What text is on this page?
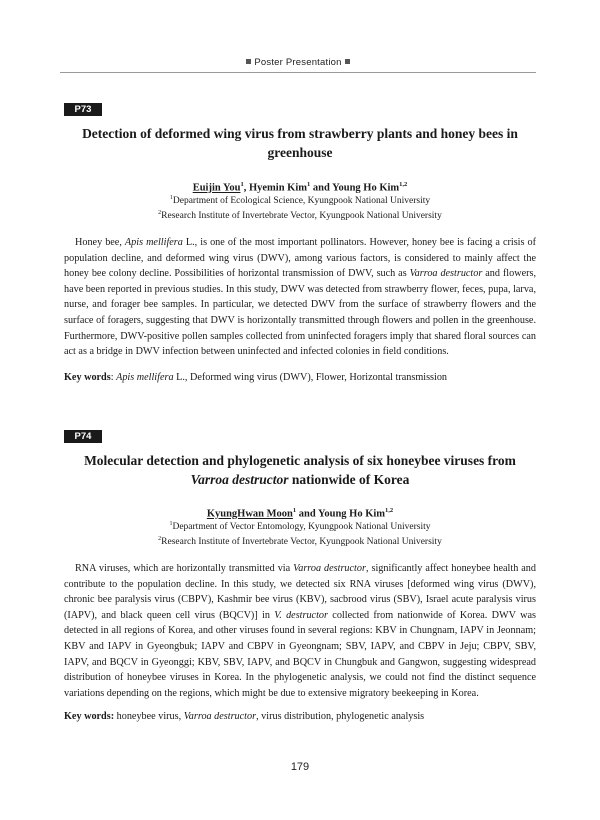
Poster Presentation
P73
Detection of deformed wing virus from strawberry plants and honey bees in
greenhouse
Euijin You$^1$, Hyemin Kim$^1$ and Young Ho Kim$^{1,2}$
$^1$Department of Ecological Science, Kyungpook National University
$^2$Research Institute of Invertebrate Vector, Kyungpook National University

Honey bee, Apis mellifera L., is one of the most important pollinators. However, honey bee is facing a crisis of population decline, and deformed wing virus (DWV), among various factors, is considered to mainly affect the honey bee colony decline. Possibilities of horizontal transmission of DWV, such as Varroa destructor and flowers, have been reported in previous studies. In this study, DWV was detected from strawberry flower, feces, pupa, larva, nurse, and forager bee samples. In particular, we detected DWV from the surface of strawberry flowers and the surface of foragers, suggesting that DWV is horizontally transmitted through flowers and pollen in the greenhouse. Furthermore, DWV-positive pollen samples collected from uninfected foragers imply that shared floral sources can act as a bridge in DWV infection between uninfected and infected colonies in field conditions.

Key words: Apis mellifera L., Deformed wing virus (DWV), Flower, Horizontal transmission
P74
Molecular detection and phylogenetic analysis of six honeybee viruses from
Varroa destructor nationwide of Korea
KyungHwan Moon$^1$ and Young Ho Kim$^{1,2}$
$^1$Department of Vector Entomology, Kyungpook National University
$^2$Research Institute of Invertebrate Vector, Kyungpook National University

RNA viruses, which are horizontally transmitted via Varroa destructor, significantly affect honeybee health and contribute to the population decline. In this study, we detected six RNA viruses [deformed wing virus (DWV), chronic bee paralysis virus (CBPV), Kashmir bee virus (KBV), sacbrood virus (SBV), Israel acute paralysis virus (IAPV), and black queen cell virus (BQCV)] in V. destructor collected from nationwide of Korea. DWV was detected in all regions of Korea, and other viruses found in several regions: KBV in Chungnam, IAPV in Jeonnam; KBV and IAPV in Gyeongbuk; IAPV and CBPV in Gyeongnam; SBV, IAPV, and CBPV in Jeju; CBPV, SBV, IAPV, and BQCV in Gyeonggi; KBV, SBV, IAPV, and BQCV in Chungbuk and Gangwon, suggesting widespread distribution of honeybee viruses in Korea. In the phylogenetic analysis, we could not find the distinct sequence variations depending on the regions, which might be due to extensive migratory beekeeping in Korea.

Key words: honeybee virus, Varroa destructor, virus distribution, phylogenetic analysis
179
